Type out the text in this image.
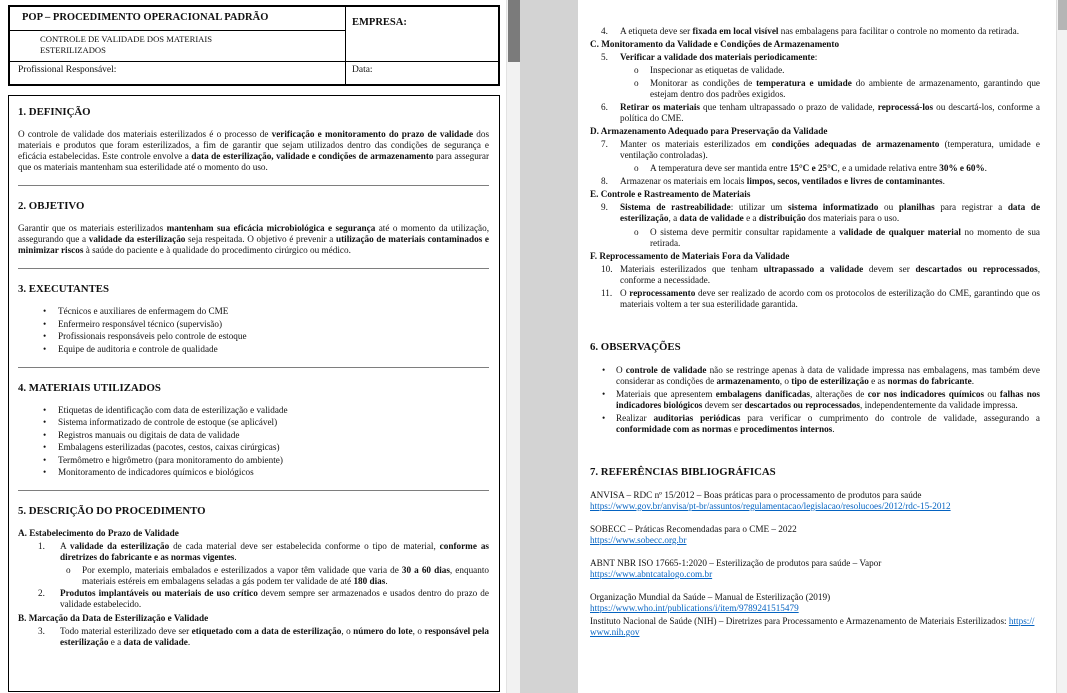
POP – PROCEDIMENTO OPERACIONAL PADRÃO	EMPRESA:
CONTROLE DE VALIDADE DOS MATERIAIS ESTERILIZADOS
Profissional Responsável:	Data:
1. DEFINIÇÃO
O controle de validade dos materiais esterilizados é o processo de verificação e monitoramento do prazo de validade dos materiais e produtos que foram esterilizados, a fim de garantir que sejam utilizados dentro das condições de segurança e eficácia estabelecidas. Este controle envolve a data de esterilização, validade e condições de armazenamento para assegurar que os materiais mantenham sua esterilidade até o momento do uso.
2. OBJETIVO
Garantir que os materiais esterilizados mantenham sua eficácia microbiológica e segurança até o momento da utilização, assegurando que a validade da esterilização seja respeitada. O objetivo é prevenir a utilização de materiais contaminados e minimizar riscos à saúde do paciente e à qualidade do procedimento cirúrgico ou médico.
3. EXECUTANTES
• Técnicos e auxiliares de enfermagem do CME
• Enfermeiro responsável técnico (supervisão)
• Profissionais responsáveis pelo controle de estoque
• Equipe de auditoria e controle de qualidade
4. MATERIAIS UTILIZADOS
• Etiquetas de identificação com data de esterilização e validade
• Sistema informatizado de controle de estoque (se aplicável)
• Registros manuais ou digitais de data de validade
• Embalagens esterilizadas (pacotes, cestos, caixas cirúrgicas)
• Termômetro e higrômetro (para monitoramento do ambiente)
• Monitoramento de indicadores químicos e biológicos
5. DESCRIÇÃO DO PROCEDIMENTO
A. Estabelecimento do Prazo de Validade
1. A validade da esterilização de cada material deve ser estabelecida conforme o tipo de material, conforme as diretrizes do fabricante e as normas vigentes.
o Por exemplo, materiais embalados e esterilizados a vapor têm validade que varia de 30 a 60 dias, enquanto materiais estéreis em embalagens seladas a gás podem ter validade de até 180 dias.
2. Produtos implantáveis ou materiais de uso crítico devem sempre ser armazenados e usados dentro do prazo de validade estabelecido.
B. Marcação da Data de Esterilização e Validade
3. Todo material esterilizado deve ser etiquetado com a data de esterilização, o número do lote, o responsável pela esterilização e a data de validade.
4. A etiqueta deve ser fixada em local visível nas embalagens para facilitar o controle no momento da retirada.
C. Monitoramento da Validade e Condições de Armazenamento
5. Verificar a validade dos materiais periodicamente:
o Inspecionar as etiquetas de validade.
o Monitorar as condições de temperatura e umidade do ambiente de armazenamento, garantindo que estejam dentro dos padrões exigidos.
6. Retirar os materiais que tenham ultrapassado o prazo de validade, reprocessá-los ou descartá-los, conforme a política do CME.
D. Armazenamento Adequado para Preservação da Validade
7. Manter os materiais esterilizados em condições adequadas de armazenamento (temperatura, umidade e ventilação controladas).
o A temperatura deve ser mantida entre 15°C e 25°C, e a umidade relativa entre 30% e 60%.
8. Armazenar os materiais em locais limpos, secos, ventilados e livres de contaminantes.
E. Controle e Rastreamento de Materiais
9. Sistema de rastreabilidade: utilizar um sistema informatizado ou planilhas para registrar a data de esterilização, a data de validade e a distribuição dos materiais para o uso.
o O sistema deve permitir consultar rapidamente a validade de qualquer material no momento de sua retirada.
F. Reprocessamento de Materiais Fora da Validade
10. Materiais esterilizados que tenham ultrapassado a validade devem ser descartados ou reprocessados, conforme a necessidade.
11. O reprocessamento deve ser realizado de acordo com os protocolos de esterilização do CME, garantindo que os materiais voltem a ter sua esterilidade garantida.
6. OBSERVAÇÕES
• O controle de validade não se restringe apenas à data de validade impressa nas embalagens, mas também deve considerar as condições de armazenamento, o tipo de esterilização e as normas do fabricante.
• Materiais que apresentem embalagens danificadas, alterações de cor nos indicadores químicos ou falhas nos indicadores biológicos devem ser descartados ou reprocessados, independentemente da validade impressa.
• Realizar auditorias periódicas para verificar o cumprimento do controle de validade, assegurando a conformidade com as normas e procedimentos internos.
7. REFERÊNCIAS BIBLIOGRÁFICAS
ANVISA – RDC nº 15/2012 – Boas práticas para o processamento de produtos para saúde
https://www.gov.br/anvisa/pt-br/assuntos/regulamentacao/legislacao/resolucoes/2012/rdc-15-2012
SOBECC – Práticas Recomendadas para o CME – 2022
https://www.sobecc.org.br
ABNT NBR ISO 17665-1:2020 – Esterilização de produtos para saúde – Vapor
https://www.abntcatalogo.com.br
Organização Mundial da Saúde – Manual de Esterilização (2019)
https://www.who.int/publications/i/item/9789241515479
Instituto Nacional de Saúde (NIH) – Diretrizes para Processamento e Armazenamento de Materiais Esterilizados: https://www.nih.gov
